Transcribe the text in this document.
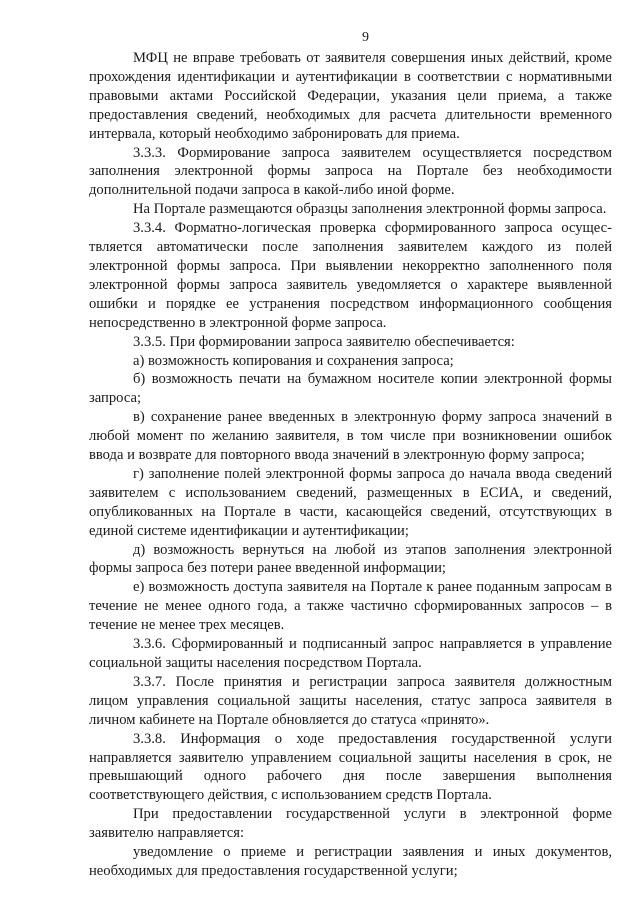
9

МФЦ не вправе требовать от заявителя совершения иных действий, кроме прохождения идентификации и аутентификации в соответствии с нормативными правовыми актами Российской Федерации, указания цели приема, а также предоставления сведений, необходимых для расчета длительности временного интервала, который необходимо забронировать для приема.

3.3.3. Формирование запроса заявителем осуществляется посредством заполнения электронной формы запроса на Портале без необходимости дополнительной подачи запроса в какой-либо иной форме.

На Портале размещаются образцы заполнения электронной формы запроса.

3.3.4. Форматно-логическая проверка сформированного запроса осуществляется автоматически после заполнения заявителем каждого из полей электронной формы запроса. При выявлении некорректно заполненного поля электронной формы запроса заявитель уведомляется о характере выявленной ошибки и порядке ее устранения посредством информационного сообщения непосредственно в электронной форме запроса.

3.3.5. При формировании запроса заявителю обеспечивается:

а) возможность копирования и сохранения запроса;

б) возможность печати на бумажном носителе копии электронной формы запроса;

в) сохранение ранее введенных в электронную форму запроса значений в любой момент по желанию заявителя, в том числе при возникновении ошибок ввода и возврате для повторного ввода значений в электронную форму запроса;

г) заполнение полей электронной формы запроса до начала ввода сведений заявителем с использованием сведений, размещенных в ЕСИА, и сведений, опубликованных на Портале в части, касающейся сведений, отсутствующих в единой системе идентификации и аутентификации;

д) возможность вернуться на любой из этапов заполнения электронной формы запроса без потери ранее введенной информации;

е) возможность доступа заявителя на Портале к ранее поданным запросам в течение не менее одного года, а также частично сформированных запросов – в течение не менее трех месяцев.

3.3.6. Сформированный и подписанный запрос направляется в управление социальной защиты населения посредством Портала.

3.3.7. После принятия и регистрации запроса заявителя должностным лицом управления социальной защиты населения, статус запроса заявителя в личном кабинете на Портале обновляется до статуса «принято».

3.3.8. Информация о ходе предоставления государственной услуги направляется заявителю управлением социальной защиты населения в срок, не превышающий одного рабочего дня после завершения выполнения соответствующего действия, с использованием средств Портала.

При предоставлении государственной услуги в электронной форме заявителю направляется:

уведомление о приеме и регистрации заявления и иных документов, необходимых для предоставления государственной услуги;
